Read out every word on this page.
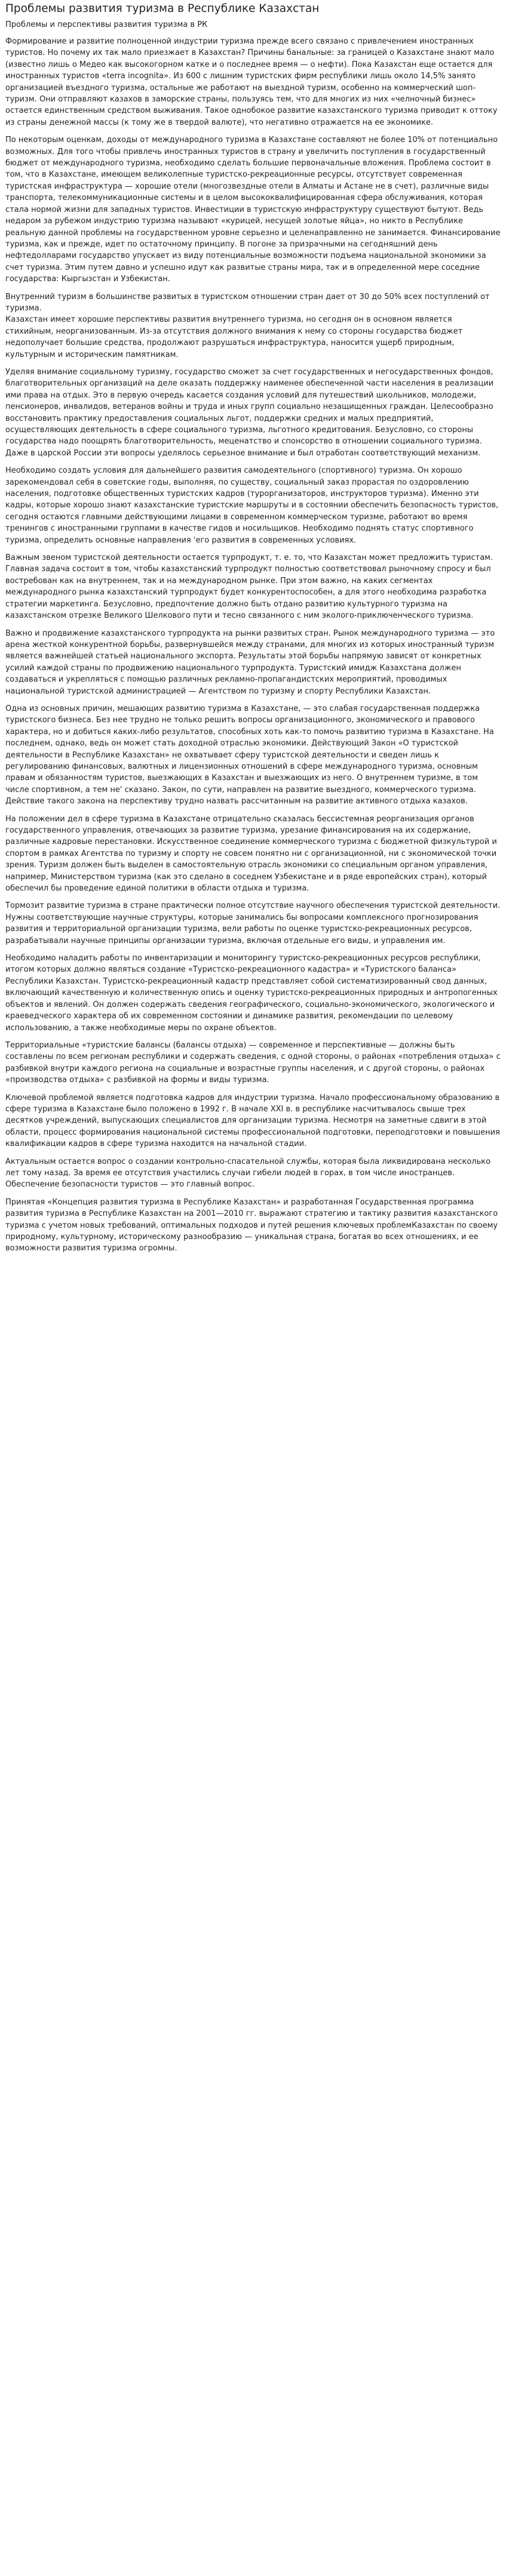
Проблемы развития туризма в Республике Казахстан

Проблемы и перспективы развития туризма в РК

Формирование и развитие полноценной индустрии туризма прежде всего связано с привлечением иностранных туристов. Но почему их так мало приезжает в Казахстан? Причины банальные: за границей о Казахстане знают мало (известно лишь о Медео как высокогорном катке и о последнее время — о нефти). Пока Казахстан еще остается для иностранных туристов «terra incognita». Из 600 с лишним туристских фирм республики лишь около 14,5% занято организацией въездного туризма, остальные же работают на выездной туризм, особенно на коммерческий шоп-туризм. Они отправляют казахов в заморские страны, пользуясь тем, что для многих из них «челночный бизнес» остается единственным средством выживания. Такое однобокое развитие казахстанского туризма приводит к оттоку из страны денежной массы (к тому же в твердой валюте), что негативно отражается на ее экономике.

По некоторым оценкам, доходы от международного туризма в Казахстане составляют не более 10% от потенциально возможных. Для того чтобы привлечь иностранных туристов в страну и увеличить поступления в государственный бюджет от международного туризма, необходимо сделать большие первоначальные вложения. Проблема состоит в том, что в Казахстане, имеющем великолепные туристско-рекреационные ресурсы, отсутствует современная туристская инфраструктура — хорошие отели (многозвездные отели в Алматы и Астане не в счет), различные виды транспорта, телекоммуникационные системы и в целом высококвалифицированная сфера обслуживания, которая стала нормой жизни для западных туристов. Инвестиции в туристскую инфраструктуру существуют бытуют. Ведь недаром за рубежом индустрию туризма называют «курицей, несущей золотые яйца», но никто в Республике реальную данной проблемы на государственном уровне серьезно и целенаправленно не занимается. Финансирование туризма, как и прежде, идет по остаточному принципу. В погоне за призрачными на сегодняшний день нефтедолларами государство упускает из виду потенциальные возможности подъема национальной экономики за счет туризма. Этим путем давно и успешно идут как развитые страны мира, так и в определенной мере соседние государства: Кыргызстан и Узбекистан.

Внутренний туризм в большинстве развитых в туристском отношении стран дает от 30 до 50% всех поступлений от туризма.
Казахстан имеет хорошие перспективы развития внутреннего туризма, но сегодня он в основном является стихийным, неорганизованным. Из-за отсутствия должного внимания к нему со стороны государства бюджет недополучает большие средства, продолжают разрушаться инфраструктура, наносится ущерб природным, культурным и историческим памятникам.

Уделяя внимание социальному туризму, государство сможет за счет государственных и негосударственных фондов, благотворительных организаций на деле оказать поддержку наименее обеспеченной части населения в реализации ими права на отдых. Это в первую очередь касается создания условий для путешествий школьников, молодежи, пенсионеров, инвалидов, ветеранов войны и труда и иных групп социально незащищенных граждан. Целесообразно восстановить практику предоставления социальных льгот, поддержки средних и малых предприятий, осуществляющих деятельность в сфере социального туризма, льготного кредитования. Безусловно, со стороны государства надо поощрять благотворительность, меценатство и спонсорство в отношении социального туризма. Даже в царской России эти вопросы уделялось серьезное внимание и был отработан соответствующий механизм.

Необходимо создать условия для дальнейшего развития самодеятельного (спортивного) туризма. Он хорошо зарекомендовал себя в советские годы, выполняя, по существу, социальный заказ прорастая по оздоровлению населения, подготовке общественных туристских кадров (турорганизаторов, инструкторов туризма). Именно эти кадры, которые хорошо знают казахстанские туристские маршруты и в состоянии обеспечить безопасность туристов, сегодня остаются главными действующими лицами в современном коммерческом туризме, работают во время тренингов с иностранными группами в качестве гидов и носильщиков. Необходимо поднять статус спортивного туризма, определить основные направления 'его развития в современных условиях.

Важным звеном туристской деятельности остается турпродукт, т. е. то, что Казахстан может предложить туристам. Главная задача состоит в том, чтобы казахстанский турпродукт полностью соответствовал рыночному спросу и был востребован как на внутреннем, так и на международном рынке. При этом важно, на каких сегментах международного рынка казахстанский турпродукт будет конкурентоспособен, а для этого необходима разработка стратегии маркетинга. Безусловно, предпочтение должно быть отдано развитию культурного туризма на казахстанском отрезке Великого Шелкового пути и тесно связанного с ним эколого-приключенческого туризма.

Важно и продвижение казахстанского турпродукта на рынки развитых стран. Рынок международного туризма — это арена жесткой конкурентной борьбы, развернувшейся между странами, для многих из которых иностранный туризм является важнейшей статьей национального экспорта. Результаты этой борьбы напрямую зависят от конкретных усилий каждой страны по продвижению национального турпродукта. Туристский имидж Казахстана должен создаваться и укрепляться с помощью различных рекламно-пропагандистских мероприятий, проводимых национальной туристской администрацией — Агентством по туризму и спорту Республики Казахстан.

Одна из основных причин, мешающих развитию туризма в Казахстане, — это слабая государственная поддержка туристского бизнеса. Без нее трудно не только решить вопросы организационного, экономического и правового характера, но и добиться каких-либо результатов, способных хоть как-то помочь развитию туризма в Казахстане. На последнем, однако, ведь он может стать доходной отраслью экономики. Действующий Закон «О туристской деятельности в Республике Казахстан» не охватывает сферу туристской деятельности и сведен лишь к регулированию финансовых, валютных и лицензионных отношений в сфере международного туризма, основным правам и обязанностям туристов, выезжающих в Казахстан и выезжающих из него. О внутреннем туризме, в том числе спортивном, а тем не' сказано. Закон, по сути, направлен на развитие выездного, коммерческого туризма. Действие такого закона на перспективу трудно назвать рассчитанным на развитие активного отдыха казахов.

На положении дел в сфере туризма в Казахстане отрицательно сказалась бессистемная реорганизация органов государственного управления, отвечающих за развитие туризма, урезание финансирования на их содержание, различные кадровые перестановки. Искусственное соединение коммерческого туризма с бюджетной физкультурой и спортом в рамках Агентства по туризму и спорту не совсем понятно ни с организационной, ни с экономической точки зрения. Туризм должен быть выделен в самостоятельную отрасль экономики со специальным органом управления, например, Министерством туризма (как это сделано в соседнем Узбекистане и в ряде европейских стран), который обеспечил бы проведение единой политики в области отдыха и туризма.

Тормозит развитие туризма в стране практически полное отсутствие научного обеспечения туристской деятельности. Нужны соответствующие научные структуры, которые занимались бы вопросами комплексного прогнозирования развития и территориальной организации туризма, вели работы по оценке туристско-рекреационных ресурсов, разрабатывали научные принципы организации туризма, включая отдельные его виды, и управления им.

Необходимо наладить работы по инвентаризации и мониторингу туристско-рекреационных ресурсов республики, итогом которых должно являться создание «Туристско-рекреационного кадастра» и «Туристского баланса» Республики Казахстан. Туристско-рекреационный кадастр представляет собой систематизированный свод данных, включающий качественную и количественную опись и оценку туристско-рекреационных природных и антропогенных объектов и явлений. Он должен содержать сведения географического, социально-экономического, экологического и краеведческого характера об их современном состоянии и динамике развития, рекомендации по целевому использованию, а также необходимые меры по охране объектов.

Территориальные «туристские балансы (балансы отдыха) — современное и перспективные — должны быть составлены по всем регионам республики и содержать сведения, с одной стороны, о районах «потребления отдыха» с разбивкой внутри каждого региона на социальные и возрастные группы населения, и с другой стороны, о районах «производства отдыха» с разбивкой на формы и виды туризма.

Ключевой проблемой является подготовка кадров для индустрии туризма. Начало профессиональному образованию в сфере туризма в Казахстане было положено в 1992 г. В начале XXI в. в республике насчитывалось свыше трех десятков учреждений, выпускающих специалистов для организации туризма. Несмотря на заметные сдвиги в этой области, процесс формирования национальной системы профессиональной подготовки, переподготовки и повышения квалификации кадров в сфере туризма находится на начальной стадии.

Актуальным остается вопрос о создании контрольно-спасательной службы, которая была ликвидирована несколько лет тому назад. За время ее отсутствия участились случаи гибели людей в горах, в том числе иностранцев. Обеспечение безопасности туристов — это главный вопрос.

Принятая «Концепция развития туризма в Республике Казахстан» и разработанная Государственная программа развития туризма в Республике Казахстан на 2001—2010 гг. выражают стратегию и тактику развития казахстанского туризма с учетом новых требований, оптимальных подходов и путей решения ключевых проблемКазахстан по своему природному, культурному, историческому разнообразию — уникальная страна, богатая во всех отношениях, и ее возможности развития туризма огромны.
